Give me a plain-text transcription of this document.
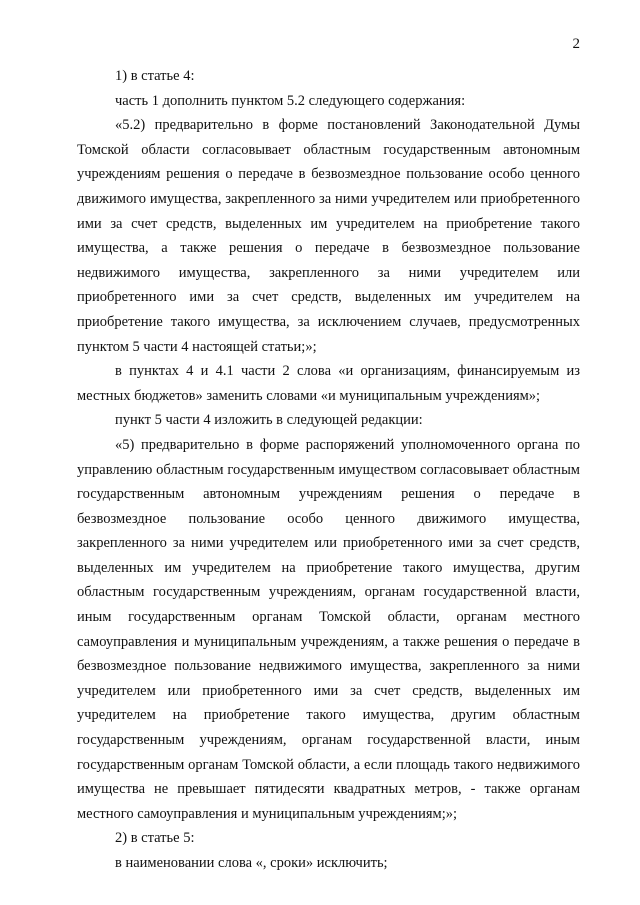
2

1) в статье 4:

часть 1 дополнить пунктом 5.2 следующего содержания:

«5.2) предварительно в форме постановлений Законодательной Думы Томской области согласовывает областным государственным автономным учреждениям решения о передаче в безвозмездное пользование особо ценного движимого имущества, закрепленного за ними учредителем или приобретенного ими за счет средств, выделенных им учредителем на приобретение такого имущества, а также решения о передаче в безвозмездное пользование недвижимого имущества, закрепленного за ними учредителем или приобретенного ими за счет средств, выделенных им учредителем на приобретение такого имущества, за исключением случаев, предусмотренных пунктом 5 части 4 настоящей статьи;»;

в пунктах 4 и 4.1 части 2 слова «и организациям, финансируемым из местных бюджетов» заменить словами «и муниципальным учреждениям»;

пункт 5 части 4 изложить в следующей редакции:

«5) предварительно в форме распоряжений уполномоченного органа по управлению областным государственным имуществом согласовывает областным государственным автономным учреждениям решения о передаче в безвозмездное пользование особо ценного движимого имущества, закрепленного за ними учредителем или приобретенного ими за счет средств, выделенных им учредителем на приобретение такого имущества, другим областным государственным учреждениям, органам государственной власти, иным государственным органам Томской области, органам местного самоуправления и муниципальным учреждениям, а также решения о передаче в безвозмездное пользование недвижимого имущества, закрепленного за ними учредителем или приобретенного ими за счет средств, выделенных им учредителем на приобретение такого имущества, другим областным государственным учреждениям, органам государственной власти, иным государственным органам Томской области, а если площадь такого недвижимого имущества не превышает пятидесяти квадратных метров, - также органам местного самоуправления и муниципальным учреждениям;»;

2) в статье 5:

в наименовании слова «, сроки» исключить;
